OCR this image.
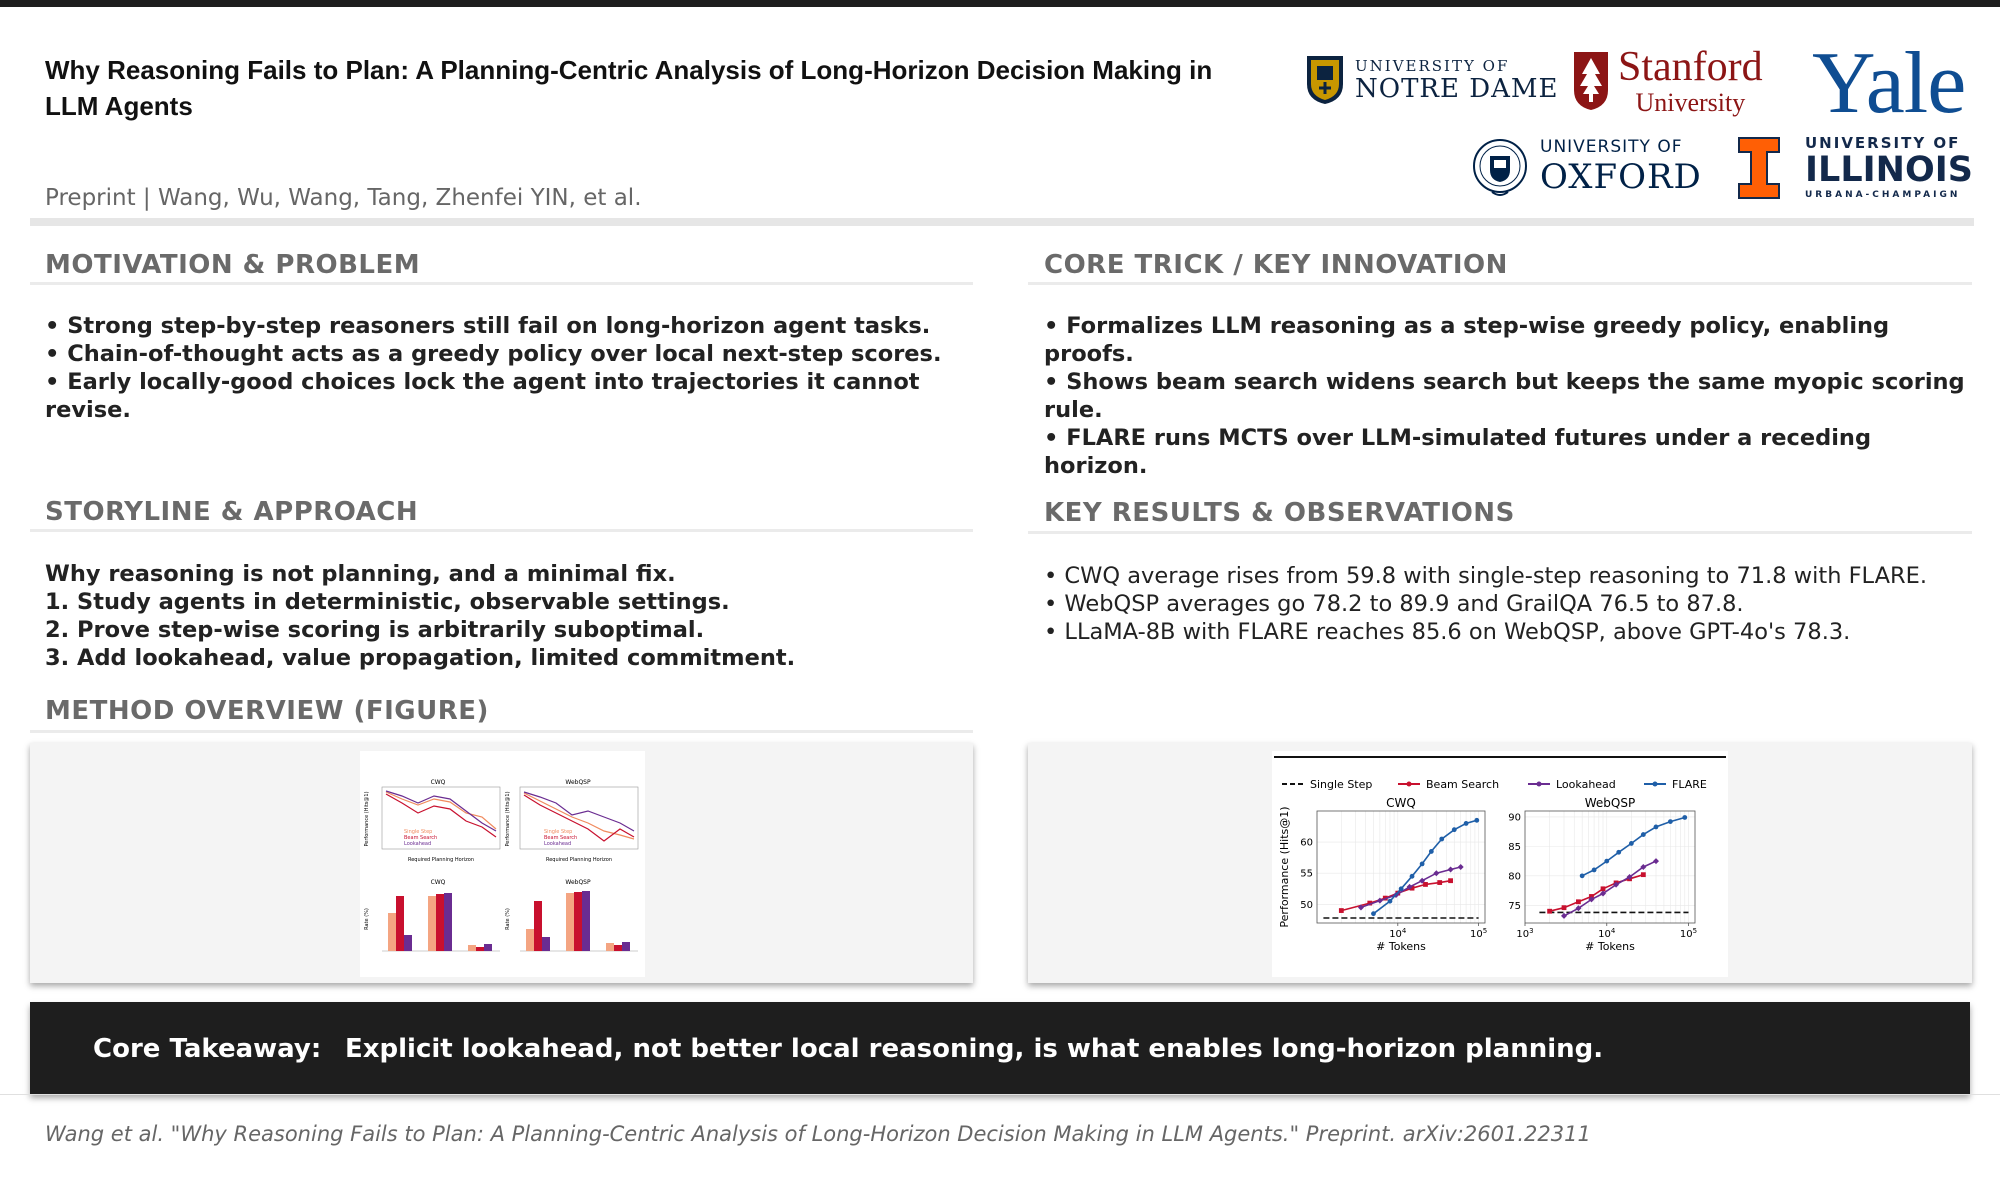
Why Reasoning Fails to Plan: A Planning-Centric Analysis of Long-Horizon Decision Making in LLM Agents
Preprint | Wang, Wu, Wang, Tang, Zhenfei YIN, et al.
UNIVERSITY OF
NOTRE DAME Stanford
University Yale
UNIVERSITY OF
OXFORD
UNIVERSITY OF
ILLINOIS
URBANA-CHAMPAIGN
MOTIVATION & PROBLEM
• Strong step-by-step reasoners still fail on long-horizon agent tasks.
• Chain-of-thought acts as a greedy policy over local next-step scores.
• Early locally-good choices lock the agent into trajectories it cannot revise.
STORYLINE & APPROACH
Why reasoning is not planning, and a minimal fix.
1. Study agents in deterministic, observable settings.
2. Prove step-wise scoring is arbitrarily suboptimal.
3. Add lookahead, value propagation, limited commitment.
METHOD OVERVIEW (FIGURE)
CORE TRICK / KEY INNOVATION
• Formalizes LLM reasoning as a step-wise greedy policy, enabling proofs.
• Shows beam search widens search but keeps the same myopic scoring rule.
• FLARE runs MCTS over LLM-simulated futures under a receding horizon.
KEY RESULTS & OBSERVATIONS
• CWQ average rises from 59.8 with single-step reasoning to 71.8 with FLARE.
• WebQSP averages go 78.2 to 89.9 and GrailQA 76.5 to 87.8.
• LLaMA-8B with FLARE reaches 85.6 on WebQSP, above GPT-4o's 78.3.
CWQ
Performance (Hits@1)
Required Planning Horizon
Single Step
Beam Search
Lookahead
WebQSP
Performance (Hits@1)
Required Planning Horizon
Single Step
Beam Search
Lookahead
CWQ
Rate (%)
WebQSP
Rate (%)
Single Step	Beam Search	Lookahead	FLARE
CWQ
50
55
60
$10^4$	$10^5$
# Tokens
Performance (Hits@1)
WebQSP
75
80
85
90
$10^3$	$10^4$	$10^5$
# Tokens
Core Takeaway: Explicit lookahead, not better local reasoning, is what enables long-horizon planning.
Wang et al. "Why Reasoning Fails to Plan: A Planning-Centric Analysis of Long-Horizon Decision Making in LLM Agents." Preprint. arXiv:2601.22311
